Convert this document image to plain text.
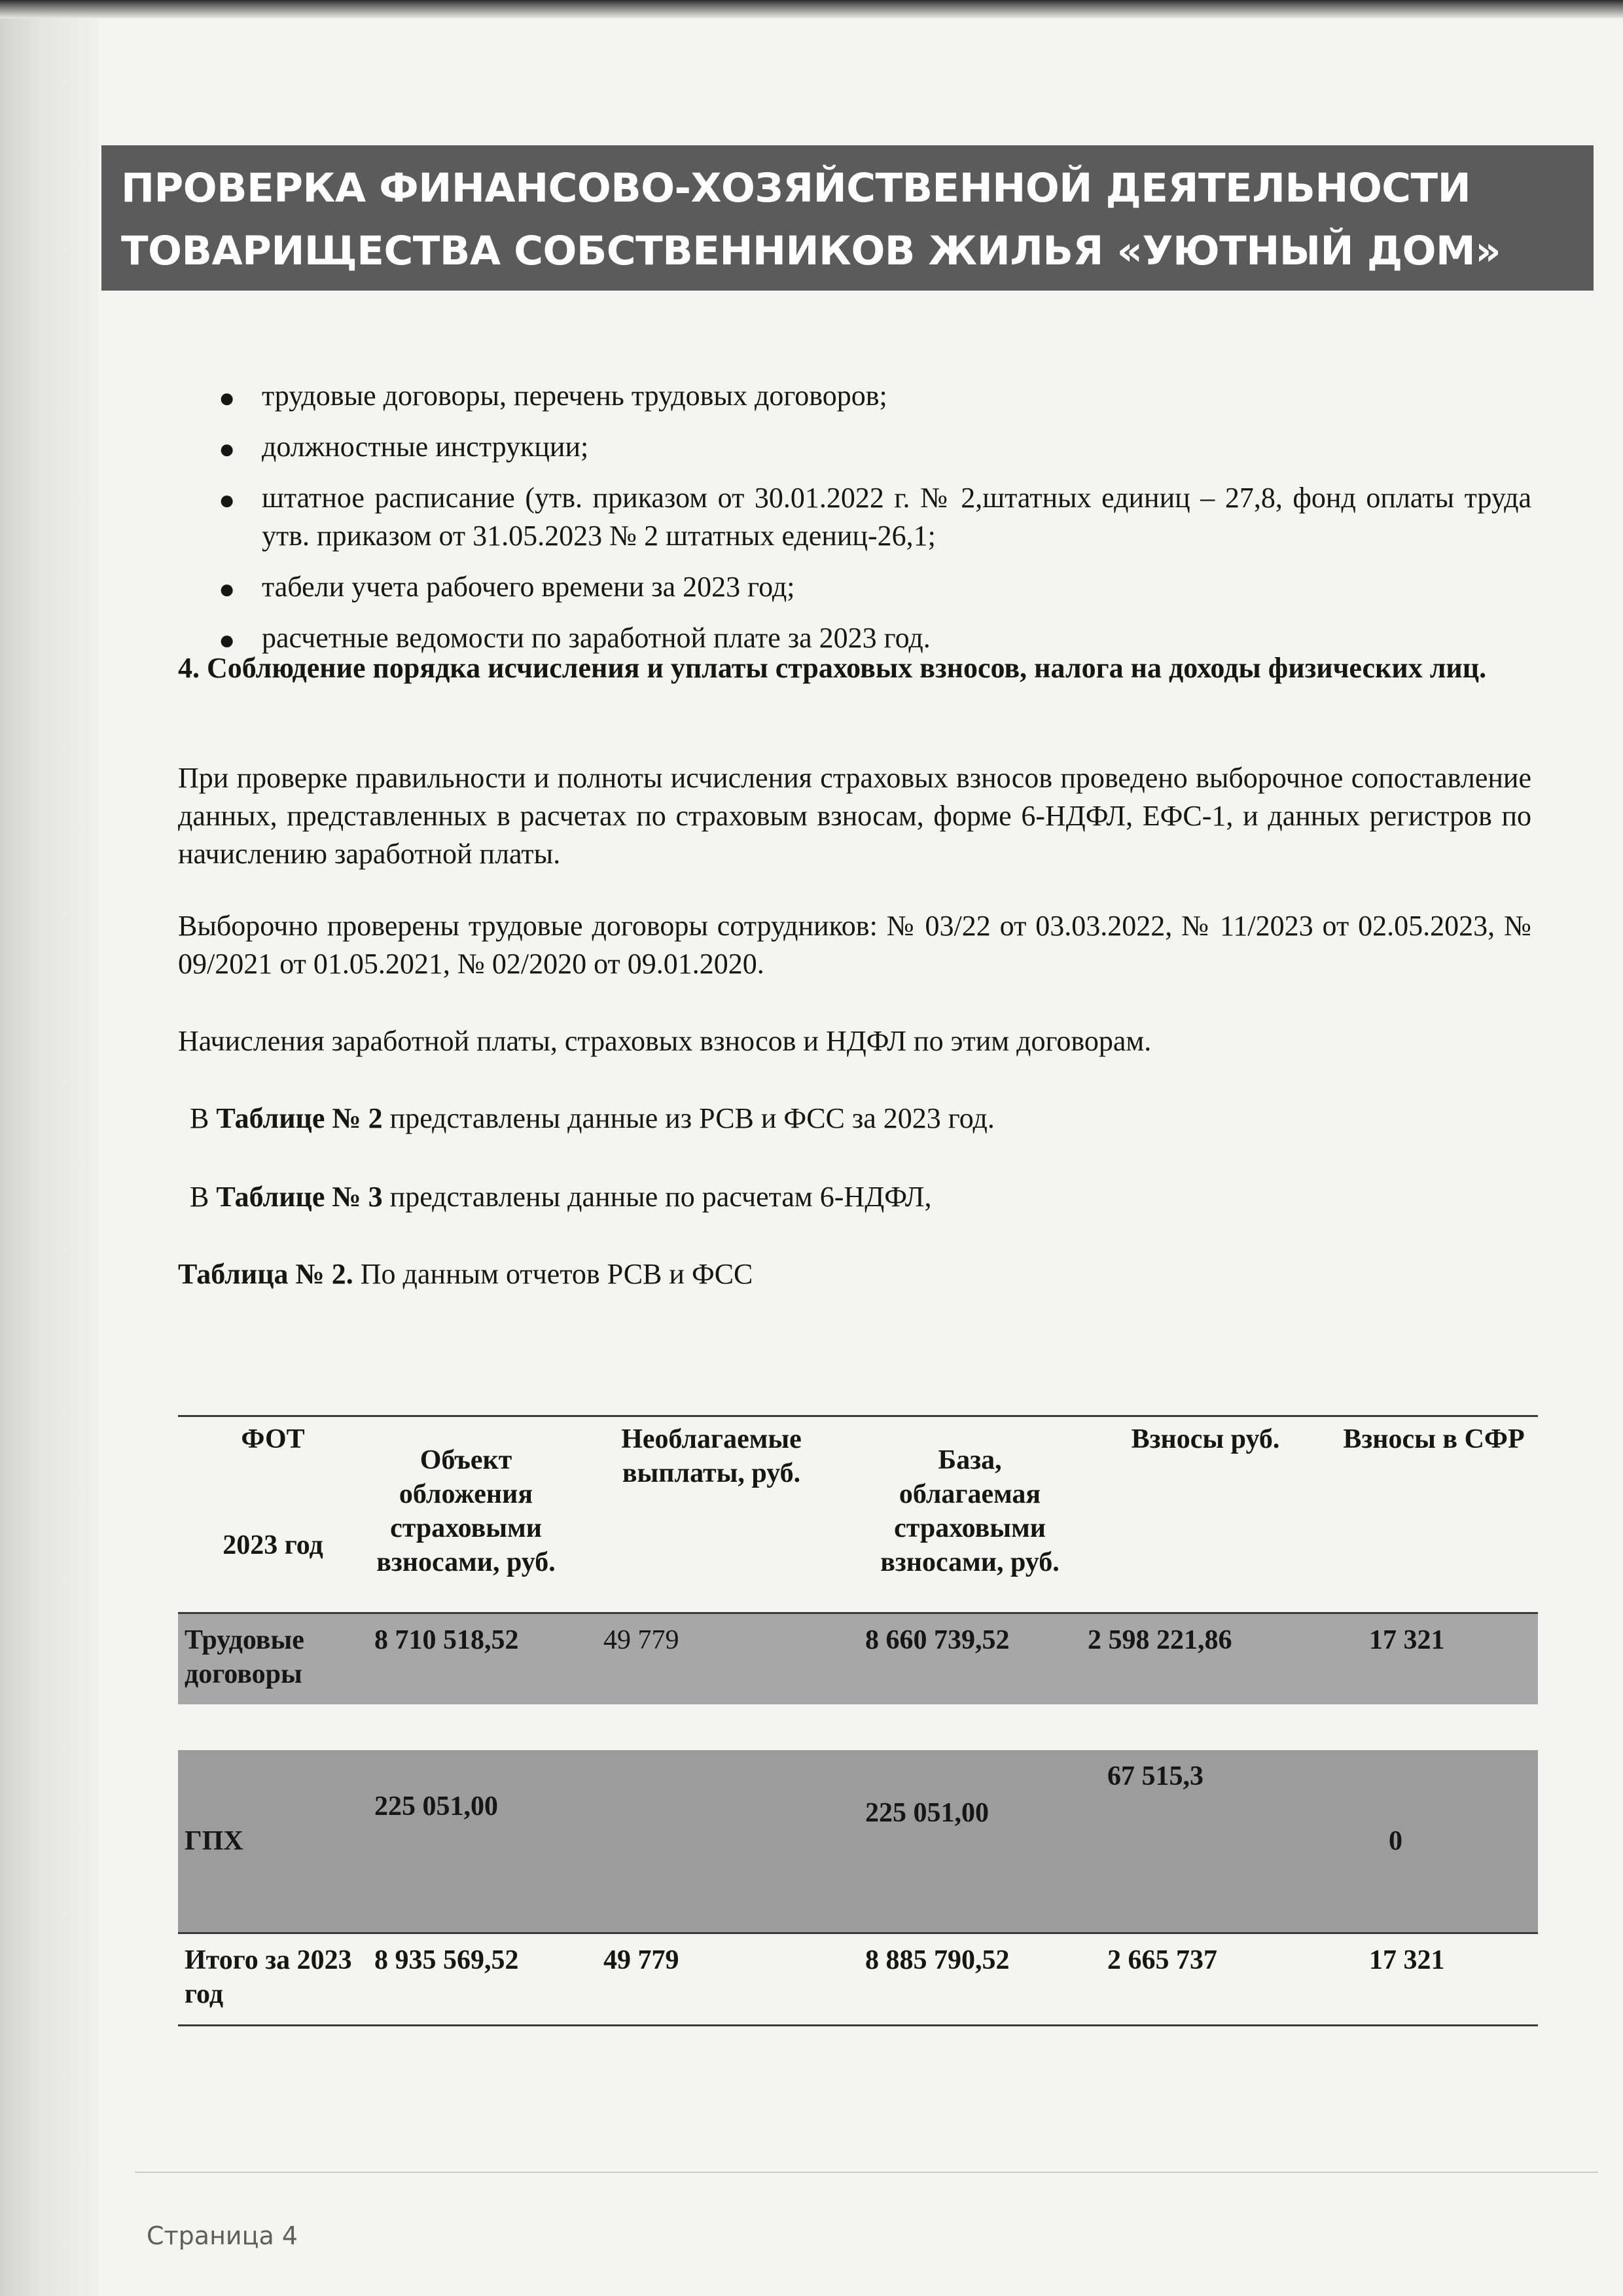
ПРОВЕРКА ФИНАНСОВО-ХОЗЯЙСТВЕННОЙ ДЕЯТЕЛЬНОСТИ
ТОВАРИЩЕСТВА СОБСТВЕННИКОВ ЖИЛЬЯ «УЮТНЫЙ ДОМ»
● трудовые договоры, перечень трудовых договоров;
● должностные инструкции;
● штатное расписание (утв. приказом от 30.01.2022 г. № 2,штатных единиц – 27,8, фонд оплаты труда утв. приказом от 31.05.2023 № 2 штатных едениц-26,1;
● табели учета рабочего времени за 2023 год;
● расчетные ведомости по заработной плате за 2023 год.

4. Соблюдение порядка исчисления и уплаты страховых взносов, налога на доходы физических лиц.

При проверке правильности и полноты исчисления страховых взносов проведено выборочное сопоставление данных, представленных в расчетах по страховым взносам, форме 6-НДФЛ, ЕФС-1, и данных регистров по начислению заработной платы.

Выборочно проверены трудовые договоры сотрудников: № 03/22 от 03.03.2022, № 11/2023 от 02.05.2023, № 09/2021 от 01.05.2021, № 02/2020 от 09.01.2020.

Начисления заработной платы, страховых взносов и НДФЛ по этим договорам.

В Таблице № 2 представлены данные из РСВ и ФСС за 2023 год.

В Таблице № 3 представлены данные по расчетам 6-НДФЛ,

Таблица № 2. По данным отчетов РСВ и ФСС

ФОТ
2023 год	Объект обложения страховыми взносами, руб.	Необлагаемые выплаты, руб.	База, облагаемая страховыми взносами, руб.	Взносы руб.	Взносы в СФР
Трудовые договоры	8 710 518,52	49 779	8 660 739,52	2 598 221,86	17 321

ГПХ	225 051,00		225 051,00	67 515,3	0
Итого за 2023 год	8 935 569,52	49 779	8 885 790,52	2 665 737	17 321
Страница 4
